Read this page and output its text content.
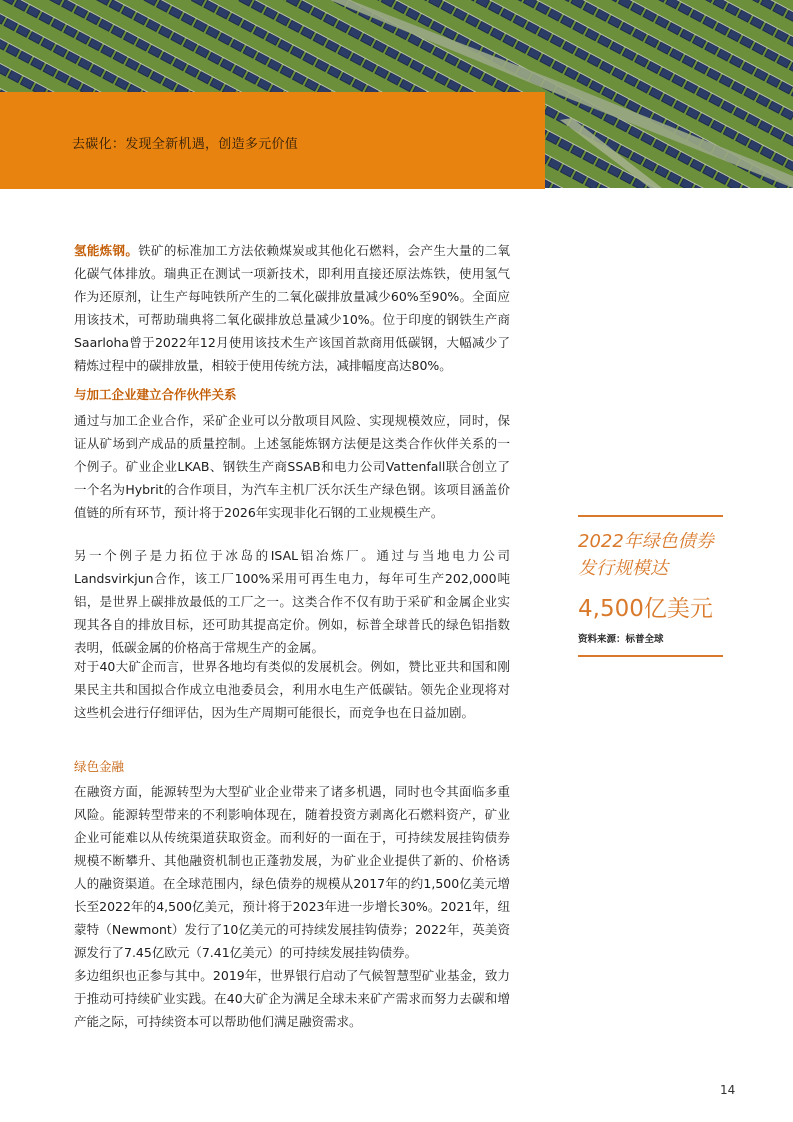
去碳化：发现全新机遇，创造多元价值

氢能炼钢。铁矿的标准加工方法依赖煤炭或其他化石燃料，会产生大量的二氧化碳气体排放。瑞典正在测试一项新技术，即利用直接还原法炼铁，使用氢气作为还原剂，让生产每吨铁所产生的二氧化碳排放量减少60%至90%。全面应用该技术，可帮助瑞典将二氧化碳排放总量减少10%。位于印度的钢铁生产商Saarloha曾于2022年12月使用该技术生产该国首款商用低碳钢，大幅减少了精炼过程中的碳排放量，相较于使用传统方法，减排幅度高达80%。

与加工企业建立合作伙伴关系

通过与加工企业合作，采矿企业可以分散项目风险、实现规模效应，同时，保证从矿场到产成品的质量控制。上述氢能炼钢方法便是这类合作伙伴关系的一个例子。矿业企业LKAB、钢铁生产商SSAB和电力公司Vattenfall联合创立了一个名为Hybrit的合作项目，为汽车主机厂沃尔沃生产绿色钢。该项目涵盖价值链的所有环节，预计将于2026年实现非化石钢的工业规模生产。

另一个例子是力拓位于冰岛的ISAL铝冶炼厂。通过与当地电力公司Landsvirkjun合作，该工厂100%采用可再生电力，每年可生产202,000吨铝，是世界上碳排放最低的工厂之一。这类合作不仅有助于采矿和金属企业实现其各自的排放目标，还可助其提高定价。例如，标普全球普氏的绿色铝指数表明，低碳金属的价格高于常规生产的金属。

对于40大矿企而言，世界各地均有类似的发展机会。例如，赞比亚共和国和刚果民主共和国拟合作成立电池委员会，利用水电生产低碳钴。领先企业现将对这些机会进行仔细评估，因为生产周期可能很长，而竞争也在日益加剧。

绿色金融

在融资方面，能源转型为大型矿业企业带来了诸多机遇，同时也令其面临多重风险。能源转型带来的不利影响体现在，随着投资方剥离化石燃料资产，矿业企业可能难以从传统渠道获取资金。而利好的一面在于，可持续发展挂钩债券规模不断攀升、其他融资机制也正蓬勃发展，为矿业企业提供了新的、价格诱人的融资渠道。在全球范围内，绿色债券的规模从2017年的约1,500亿美元增长至2022年的4,500亿美元，预计将于2023年进一步增长30%。2021年，纽蒙特（Newmont）发行了10亿美元的可持续发展挂钩债券；2022年，英美资源发行了7.45亿欧元（7.41亿美元）的可持续发展挂钩债券。

多边组织也正参与其中。2019年，世界银行启动了气候智慧型矿业基金，致力于推动可持续矿业实践。在40大矿企为满足全球未来矿产需求而努力去碳和增产能之际，可持续资本可以帮助他们满足融资需求。

2022年绿色债券发行规模达
4,500亿美元
资料来源：标普全球
14
